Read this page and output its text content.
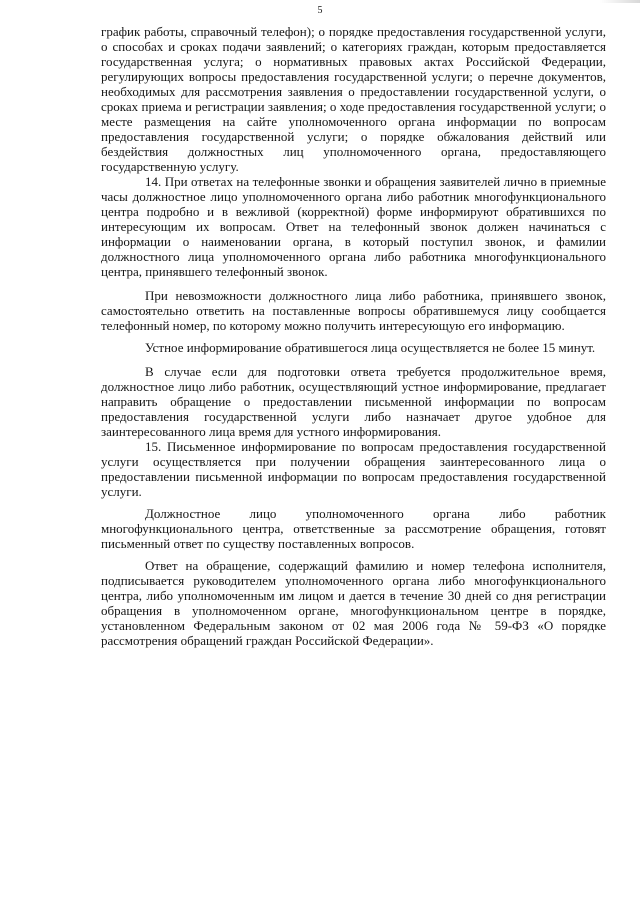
5

график работы, справочный телефон); о порядке предоставления государственной услуги, о способах и сроках подачи заявлений; о категориях граждан, которым предоставляется государственная услуга; о нормативных правовых актах Российской Федерации, регулирующих вопросы предоставления государственной услуги; о перечне документов, необходимых для рассмотрения заявления о предоставлении государственной услуги, о сроках приема и регистрации заявления; о ходе предоставления государственной услуги; о месте размещения на сайте уполномоченного органа информации по вопросам предоставления государственной услуги; о порядке обжалования действий или бездействия должностных лиц уполномоченного органа, предоставляющего государственную услугу.

14. При ответах на телефонные звонки и обращения заявителей лично в приемные часы должностное лицо уполномоченного органа либо работник многофункционального центра подробно и в вежливой (корректной) форме информируют обратившихся по интересующим их вопросам. Ответ на телефонный звонок должен начинаться с информации о наименовании органа, в который поступил звонок, и фамилии должностного лица уполномоченного органа либо работника многофункционального центра, принявшего телефонный звонок.

При невозможности должностного лица либо работника, принявшего звонок, самостоятельно ответить на поставленные вопросы обратившемуся лицу сообщается телефонный номер, по которому можно получить интересующую его информацию.

Устное информирование обратившегося лица осуществляется не более 15 минут.

В случае если для подготовки ответа требуется продолжительное время, должностное лицо либо работник, осуществляющий устное информирование, предлагает направить обращение о предоставлении письменной информации по вопросам предоставления государственной услуги либо назначает другое удобное для заинтересованного лица время для устного информирования.

15. Письменное информирование по вопросам предоставления государственной услуги осуществляется при получении обращения заинтересованного лица о предоставлении письменной информации по вопросам предоставления государственной услуги.

Должностное лицо уполномоченного органа либо работник многофункционального центра, ответственные за рассмотрение обращения, готовят письменный ответ по существу поставленных вопросов.

Ответ на обращение, содержащий фамилию и номер телефона исполнителя, подписывается руководителем уполномоченного органа либо многофункционального центра, либо уполномоченным им лицом и дается в течение 30 дней со дня регистрации обращения в уполномоченном органе, многофункциональном центре в порядке, установленном Федеральным законом от 02 мая 2006 года № 59-ФЗ «О порядке рассмотрения обращений граждан Российской Федерации».
